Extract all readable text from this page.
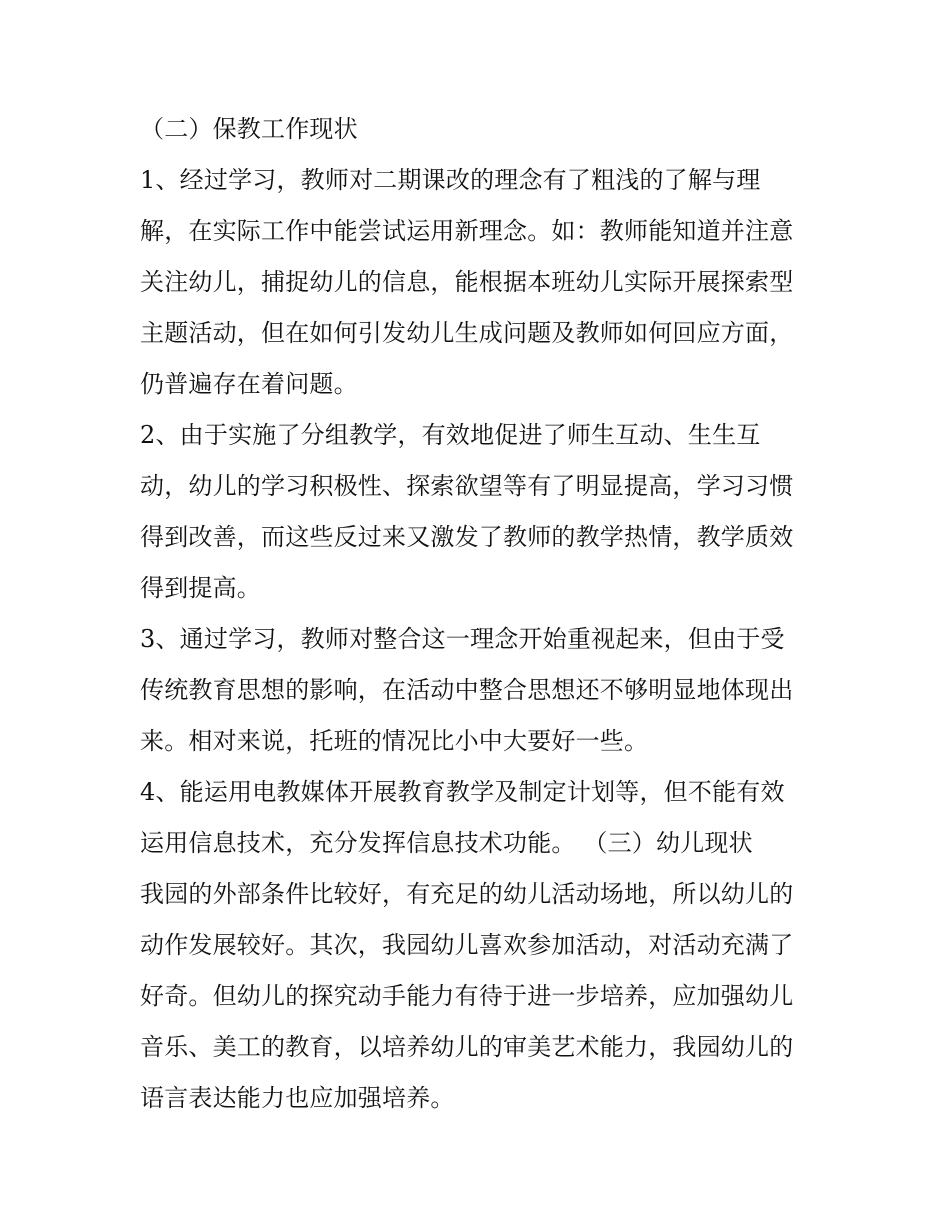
（二）保教工作现状
1、经过学习，教师对二期课改的理念有了粗浅的了解与理
解，在实际工作中能尝试运用新理念。如：教师能知道并注意
关注幼儿，捕捉幼儿的信息，能根据本班幼儿实际开展探索型
主题活动，但在如何引发幼儿生成问题及教师如何回应方面，
仍普遍存在着问题。
2、由于实施了分组教学，有效地促进了师生互动、生生互
动，幼儿的学习积极性、探索欲望等有了明显提高，学习习惯
得到改善，而这些反过来又激发了教师的教学热情，教学质效
得到提高。
3、通过学习，教师对整合这一理念开始重视起来，但由于受
传统教育思想的影响，在活动中整合思想还不够明显地体现出
来。相对来说，托班的情况比小中大要好一些。
4、能运用电教媒体开展教育教学及制定计划等，但不能有效
运用信息技术，充分发挥信息技术功能。 （三）幼儿现状
我园的外部条件比较好，有充足的幼儿活动场地，所以幼儿的
动作发展较好。其次，我园幼儿喜欢参加活动，对活动充满了
好奇。但幼儿的探究动手能力有待于进一步培养，应加强幼儿
音乐、美工的教育，以培养幼儿的审美艺术能力，我园幼儿的
语言表达能力也应加强培养。
